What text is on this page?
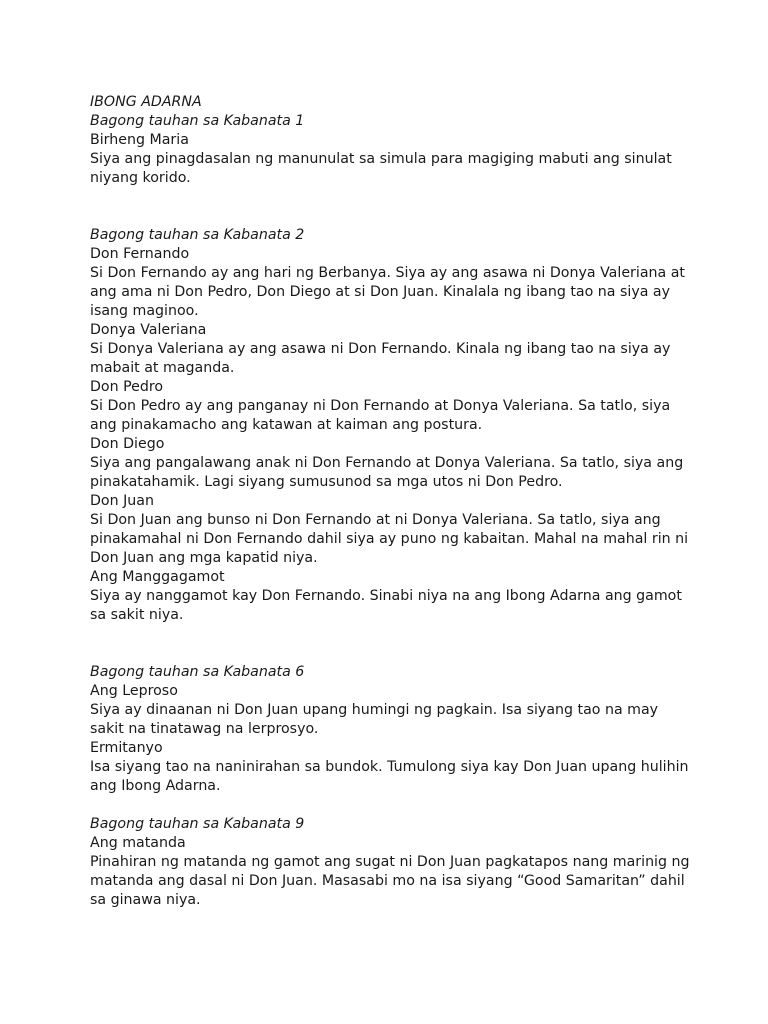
IBONG ADARNA

Bagong tauhan sa Kabanata 1

Birheng Maria

Siya ang pinagdasalan ng manunulat sa simula para magiging mabuti ang sinulat

niyang korido.

Bagong tauhan sa Kabanata 2

Don Fernando

Si Don Fernando ay ang hari ng Berbanya. Siya ay ang asawa ni Donya Valeriana at

ang ama ni Don Pedro, Don Diego at si Don Juan. Kinalala ng ibang tao na siya ay

isang maginoo.

Donya Valeriana

Si Donya Valeriana ay ang asawa ni Don Fernando. Kinala ng ibang tao na siya ay

mabait at maganda.

Don Pedro

Si Don Pedro ay ang panganay ni Don Fernando at Donya Valeriana. Sa tatlo, siya

ang pinakamacho ang katawan at kaiman ang postura.

Don Diego

Siya ang pangalawang anak ni Don Fernando at Donya Valeriana. Sa tatlo, siya ang

pinakatahamik. Lagi siyang sumusunod sa mga utos ni Don Pedro.

Don Juan

Si Don Juan ang bunso ni Don Fernando at ni Donya Valeriana. Sa tatlo, siya ang

pinakamahal ni Don Fernando dahil siya ay puno ng kabaitan. Mahal na mahal rin ni

Don Juan ang mga kapatid niya.

Ang Manggagamot

Siya ay nanggamot kay Don Fernando. Sinabi niya na ang Ibong Adarna ang gamot

sa sakit niya.

Bagong tauhan sa Kabanata 6

Ang Leproso

Siya ay dinaanan ni Don Juan upang humingi ng pagkain. Isa siyang tao na may

sakit na tinatawag na lerprosyo.

Ermitanyo

Isa siyang tao na naninirahan sa bundok. Tumulong siya kay Don Juan upang hulihin

ang Ibong Adarna.

Bagong tauhan sa Kabanata 9

Ang matanda

Pinahiran ng matanda ng gamot ang sugat ni Don Juan pagkatapos nang marinig ng

matanda ang dasal ni Don Juan. Masasabi mo na isa siyang “Good Samaritan” dahil

sa ginawa niya.
